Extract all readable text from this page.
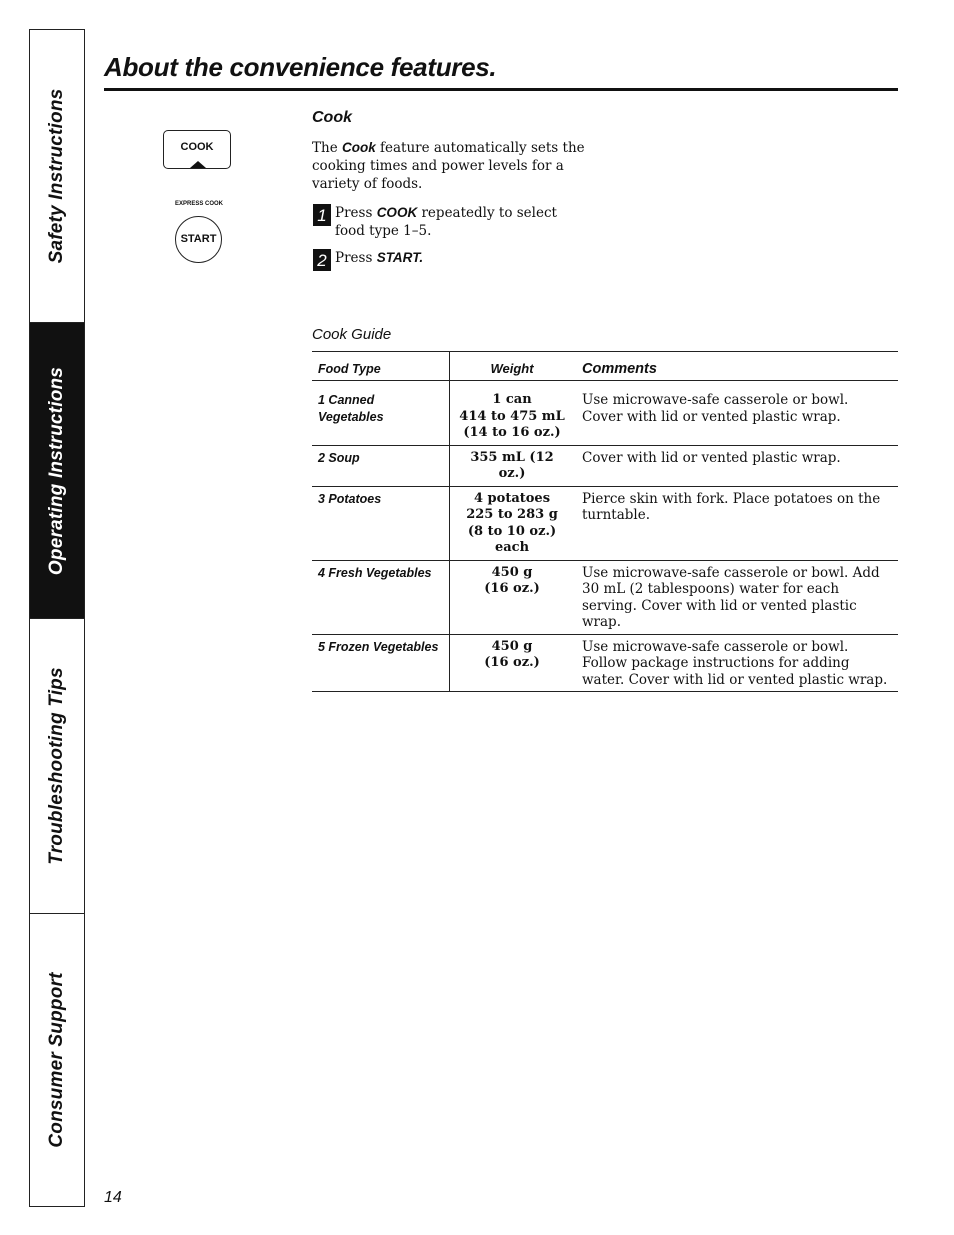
Safety Instructions
Operating Instructions
Troubleshooting Tips
Consumer Support
About the convenience features.
COOK
EXPRESS COOK
START
Cook
The Cook feature automatically sets the cooking times and power levels for a variety of foods.
1 Press COOK repeatedly to select food type 1–5.
2 Press START.
Cook Guide
Food Type	Weight	Comments
1 Canned Vegetables	1 can
414 to 475 mL
(14 to 16 oz.)	Use microwave-safe casserole or bowl. Cover with lid or vented plastic wrap.
2 Soup	355 mL (12 oz.)	Cover with lid or vented plastic wrap.
3 Potatoes	4 potatoes
225 to 283 g
(8 to 10 oz.) each	Pierce skin with fork. Place potatoes on the turntable.
4 Fresh Vegetables	450 g
(16 oz.)	Use microwave-safe casserole or bowl. Add 30 mL (2 tablespoons) water for each serving. Cover with lid or vented plastic wrap.
5 Frozen Vegetables	450 g
(16 oz.)	Use microwave-safe casserole or bowl. Follow package instructions for adding water. Cover with lid or vented plastic wrap.
14
